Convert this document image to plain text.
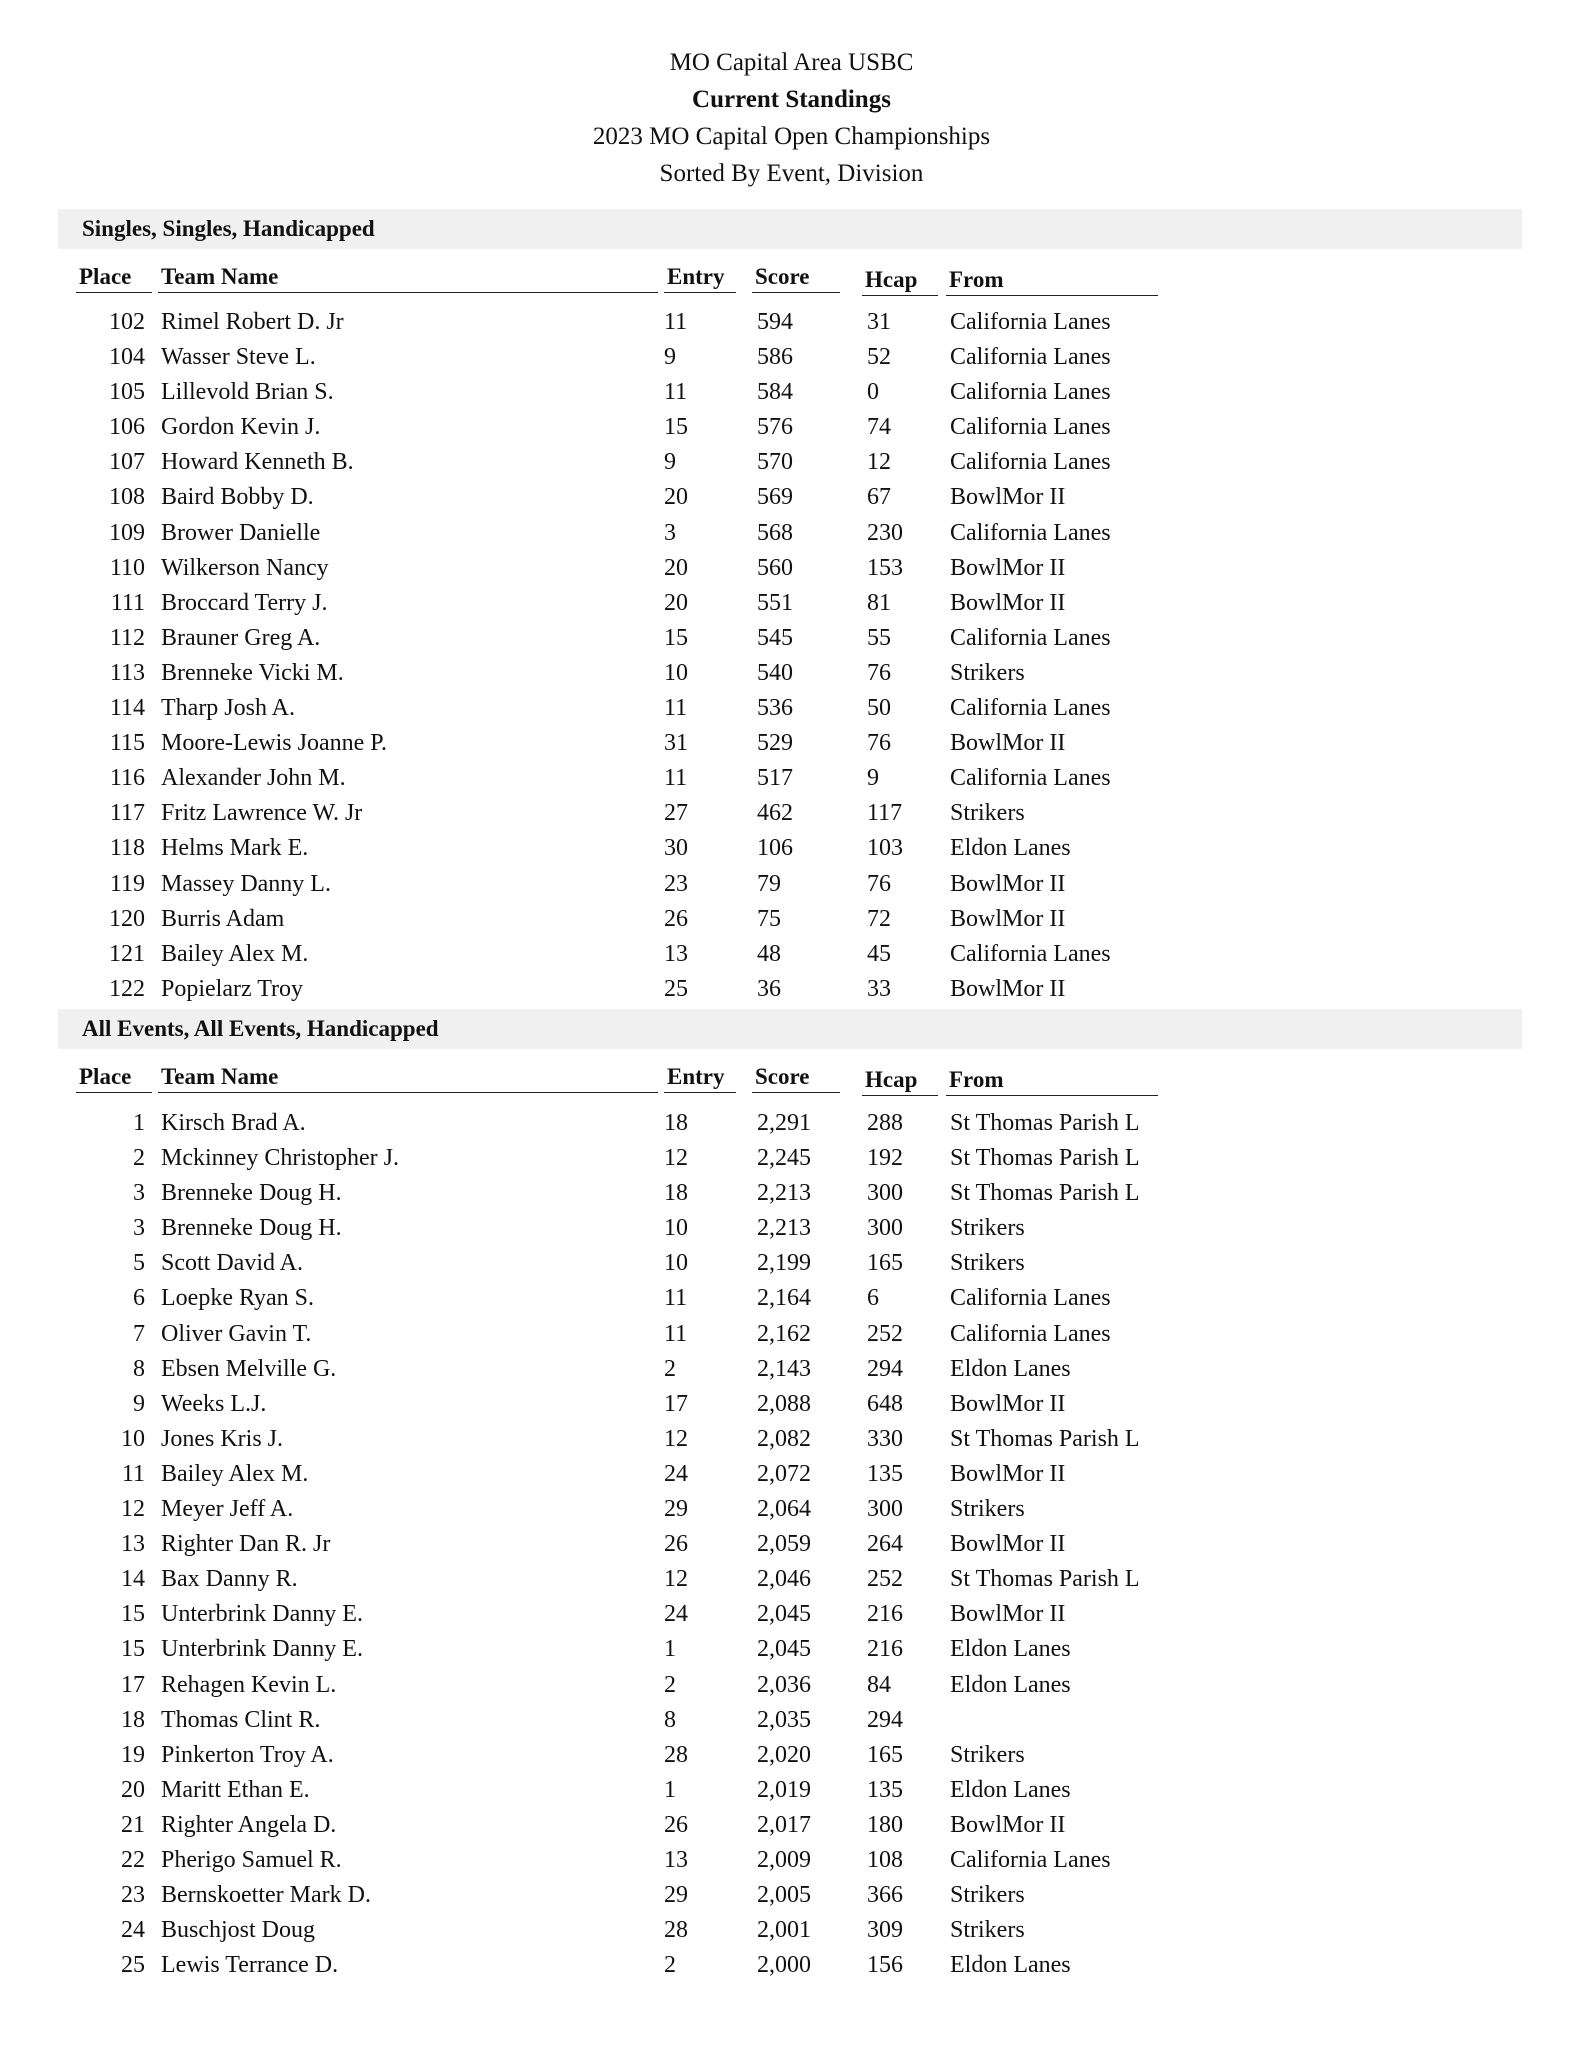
MO Capital Area USBC
Current Standings
2023 MO Capital Open Championships
Sorted By Event, Division
Singles, Singles, Handicapped
Place	Team Name	Entry	Score	Hcap	From
102 Rimel Robert D. Jr	11	594	31 California Lanes
104 Wasser Steve L.	9	586	52 California Lanes
105 Lillevold Brian S.	11	584	0	California Lanes
106 Gordon Kevin J.	15	576	74 California Lanes
107 Howard Kenneth B.	9	570	12 California Lanes
108 Baird Bobby D.	20	569	67 BowlMor II
109 Brower Danielle	3	568	230 California Lanes
110 Wilkerson Nancy	20	560	153 BowlMor II
111 Broccard Terry J.	20	551	81 BowlMor II
112 Brauner Greg A.	15	545	55 California Lanes
113 Brenneke Vicki M.	10	540	76 Strikers
114 Tharp Josh A.	11	536	50 California Lanes
115 Moore-Lewis Joanne P.	31	529	76 BowlMor II
116 Alexander John M.	11	517	9	California Lanes
117 Fritz Lawrence W. Jr	27	462	117 Strikers
118 Helms Mark E.	30	106	103 Eldon Lanes
119 Massey Danny L.	23	79	76 BowlMor II
120 Burris Adam	26	75	72 BowlMor II
121 Bailey Alex M.	13	48	45 California Lanes
122 Popielarz Troy	25	36	33 BowlMor II
All Events, All Events, Handicapped
Place	Team Name	Entry	Score	Hcap	From
1 Kirsch Brad A.	18	2,291 288 St Thomas Parish L
2 Mckinney Christopher J.	12	2,245 192 St Thomas Parish L
3 Brenneke Doug H.	18	2,213 300 St Thomas Parish L
3 Brenneke Doug H.	10	2,213 300 Strikers
5 Scott David A.	10	2,199 165 Strikers
6 Loepke Ryan S.	11	2,164 6	California Lanes
7 Oliver Gavin T.	11	2,162 252 California Lanes
8 Ebsen Melville G.	2	2,143 294 Eldon Lanes
9 Weeks L.J.	17	2,088 648 BowlMor II
10 Jones Kris J.	12	2,082 330 St Thomas Parish L
11 Bailey Alex M.	24	2,072 135 BowlMor II
12 Meyer Jeff A.	29	2,064 300 Strikers
13 Righter Dan R. Jr	26	2,059 264 BowlMor II
14 Bax Danny R.	12	2,046 252 St Thomas Parish L
15 Unterbrink Danny E.	24	2,045 216 BowlMor II
15 Unterbrink Danny E.	1	2,045 216 Eldon Lanes
17 Rehagen Kevin L.	2	2,036 84 Eldon Lanes
18 Thomas Clint R.	8	2,035 294
19 Pinkerton Troy A.	28	2,020 165 Strikers
20 Maritt Ethan E.	1	2,019 135 Eldon Lanes
21 Righter Angela D.	26	2,017 180 BowlMor II
22 Pherigo Samuel R.	13	2,009 108 California Lanes
23 Bernskoetter Mark D.	29	2,005 366 Strikers
24 Buschjost Doug	28	2,001 309 Strikers
25 Lewis Terrance D.	2	2,000 156 Eldon Lanes
